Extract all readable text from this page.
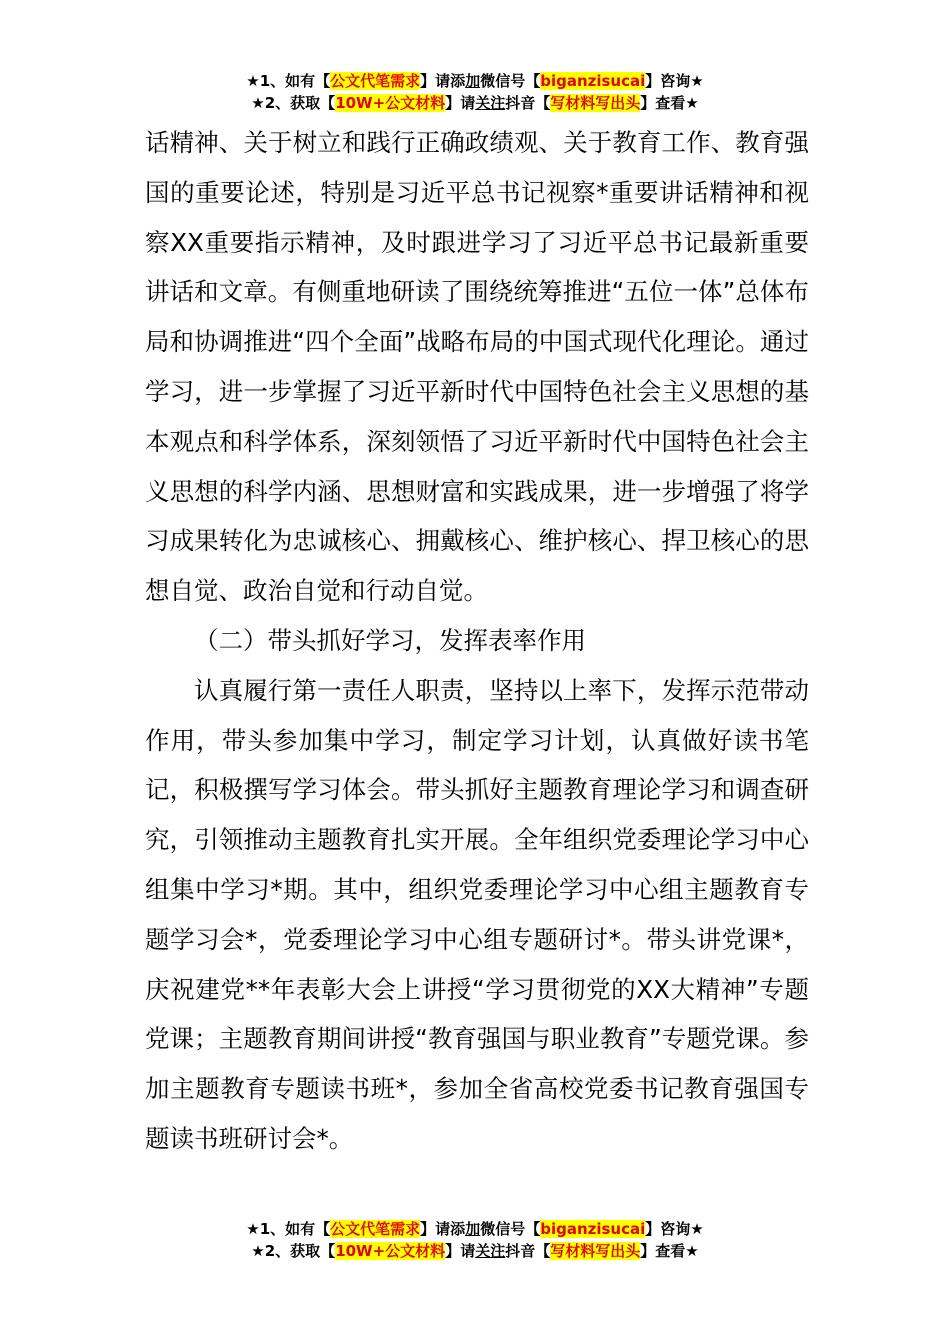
★1、如有【公文代笔需求】请添加微信号【biganzisucai】咨询★
★2、获取【10W+公文材料】请关注抖音【写材料写出头】查看★

话精神、关于树立和践行正确政绩观、关于教育工作、教育强国的重要论述，特别是习近平总书记视察*重要讲话精神和视察XX重要指示精神，及时跟进学习了习近平总书记最新重要讲话和文章。有侧重地研读了围绕统筹推进“五位一体”总体布局和协调推进“四个全面”战略布局的中国式现代化理论。通过学习，进一步掌握了习近平新时代中国特色社会主义思想的基本观点和科学体系，深刻领悟了习近平新时代中国特色社会主义思想的科学内涵、思想财富和实践成果，进一步增强了将学习成果转化为忠诚核心、拥戴核心、维护核心、捍卫核心的思想自觉、政治自觉和行动自觉。

（二）带头抓好学习，发挥表率作用

认真履行第一责任人职责，坚持以上率下，发挥示范带动作用，带头参加集中学习，制定学习计划，认真做好读书笔记，积极撰写学习体会。带头抓好主题教育理论学习和调查研究，引领推动主题教育扎实开展。全年组织党委理论学习中心组集中学习*期。其中，组织党委理论学习中心组主题教育专题学习会*，党委理论学习中心组专题研讨*。带头讲党课*，庆祝建党**年表彰大会上讲授“学习贯彻党的XX大精神”专题党课；主题教育期间讲授“教育强国与职业教育”专题党课。参加主题教育专题读书班*，参加全省高校党委书记教育强国专题读书班研讨会*。

★1、如有【公文代笔需求】请添加微信号【biganzisucai】咨询★
★2、获取【10W+公文材料】请关注抖音【写材料写出头】查看★
